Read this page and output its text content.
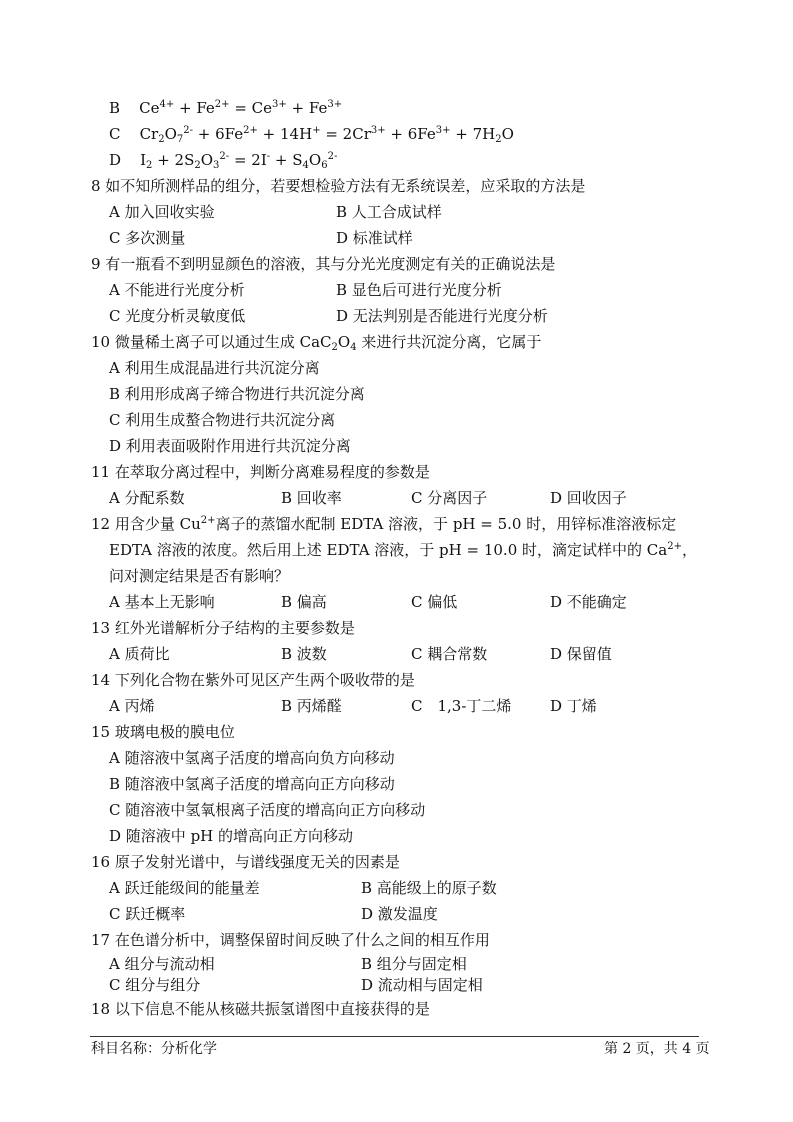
B $Ce^{4+} + Fe^{2+} = Ce^{3+} + Fe^{3+}$
C $Cr_2O_7^{2-} + 6Fe^{2+} + 14H^+ = 2Cr^{3+} + 6Fe^{3+} + 7H_2O$
D $I_2 + 2S_2O_3^{2-} = 2I^- + S_4O_6^{2-}$
8 如不知所测样品的组分，若要想检验方法有无系统误差，应采取的方法是
A 加入回收实验	B 人工合成试样
C 多次测量	D 标准试样
9 有一瓶看不到明显颜色的溶液，其与分光光度测定有关的正确说法是
A 不能进行光度分析	B 显色后可进行光度分析
C 光度分析灵敏度低	D 无法判别是否能进行光度分析
10 微量稀土离子可以通过生成 $CaC_2O_4$ 来进行共沉淀分离，它属于
A 利用生成混晶进行共沉淀分离
B 利用形成离子缔合物进行共沉淀分离
C 利用生成螯合物进行共沉淀分离
D 利用表面吸附作用进行共沉淀分离
11 在萃取分离过程中，判断分离难易程度的参数是
A 分配系数	B 回收率	C 分离因子	D 回收因子
12 用含少量 $Cu^{2+}$离子的蒸馏水配制 EDTA 溶液，于 pH = 5.0 时，用锌标准溶液标定
EDTA 溶液的浓度。然后用上述 EDTA 溶液，于 pH = 10.0 时，滴定试样中的 $Ca^{2+}$，
问对测定结果是否有影响？
A 基本上无影响	B 偏高	C 偏低	D 不能确定
13 红外光谱解析分子结构的主要参数是
A 质荷比	B 波数	C 耦合常数	D 保留值
14 下列化合物在紫外可见区产生两个吸收带的是
A 丙烯	B 丙烯醛	C　1,3-丁二烯	D 丁烯
15 玻璃电极的膜电位
A 随溶液中氢离子活度的增高向负方向移动
B 随溶液中氢离子活度的增高向正方向移动
C 随溶液中氢氧根离子活度的增高向正方向移动
D 随溶液中 pH 的增高向正方向移动
16 原子发射光谱中，与谱线强度无关的因素是
A 跃迁能级间的能量差	B 高能级上的原子数
C 跃迁概率	D 激发温度
17 在色谱分析中，调整保留时间反映了什么之间的相互作用
A 组分与流动相	B 组分与固定相
C 组分与组分	D 流动相与固定相
18 以下信息不能从核磁共振氢谱图中直接获得的是
科目名称：分析化学	第 2 页，共 4 页
